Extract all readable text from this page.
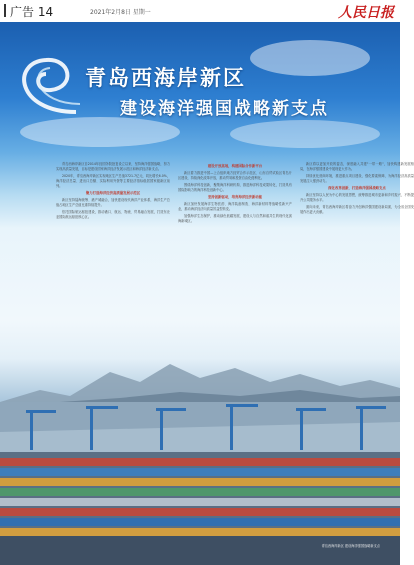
广告 14	2021年2月8日 星期一	人民日报
青岛西海岸新区
建设海洋强国战略新支点

青岛西海岸新区自2014年经国务院批复设立以来，坚持海洋强国战略，努力实现高质量发展，目标是建设国家海洋经济发展示范区和海洋经济新支点。

2020年，青岛西海岸新区实现地区生产总值3721.7亿元，同比增长6.0%，海洋经济总量、进出口总额、实际利用外资等主要经济指标稳居国家级新区前列。

聚力打造海洋经济高质量发展示范区

新区坚持陆海统筹、港产城融合，加快建设现代海洋产业体系，海洋生产总值占地区生产总值比重持续提升。

依托国际航运枢纽建设，推动港口、航运、物流、贸易融合发展，打造东北亚国际航运枢纽核心区。

建设开放高地，构建国际合作新平台

新区着力推进中国—上合组织地方经贸合作示范区、山东自贸试验区青岛片区建设，持续深化改革开放，推动贸易和投资自由化便利化。

围绕海洋科技创新，聚集海洋科研机构，推进海洋科技成果转化，打造具有国际影响力的海洋科技创新中心。

坚持创新驱动，培育海洋经济新动能

新区加快发展海洋生物医药、海洋装备制造、海洋新材料等战略性新兴产业，推动海洋经济向质量效益型转变。

加强海洋生态保护，推动绿色低碳发展，建设人与自然和谐共生的现代化滨海新城区。

新区将以更加开放的姿态，深度融入共建"一带一路"，加快构建新发展格局，在海洋强国建设中展现更大作为。

持续优化营商环境，推进重点项目建设，强化要素保障，为海洋经济高质量发展注入强劲动力。

深化改革创新，打造海洋强国战略支点

新区坚持以人民为中心的发展思想，统筹推进城市更新和乡村振兴，不断提升公共服务水平。

面向未来，青岛西海岸新区将奋力开创海洋强国建设新局面，为全省全国发展作出更大贡献。

青岛西海岸新区 建设海洋强国战略新支点
